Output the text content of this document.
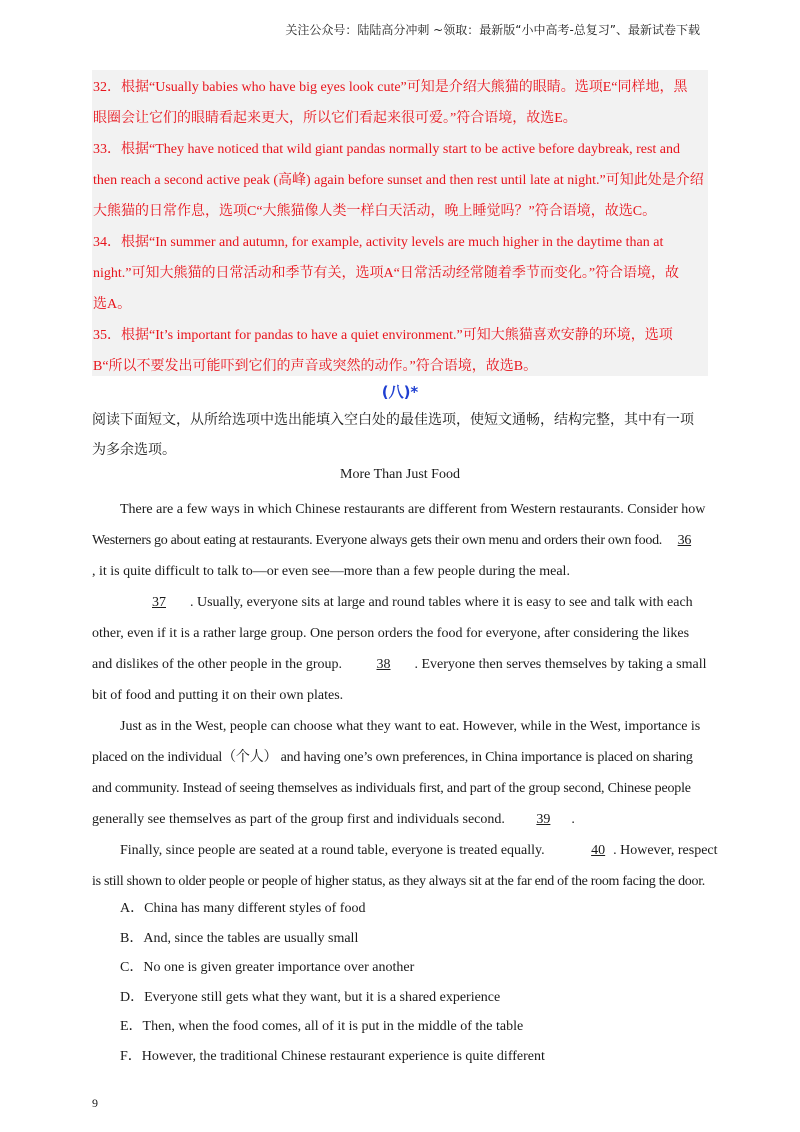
关注公众号：陆陆高分冲刺 ~领取：最新版“小中高考-总复习”、最新试卷下载

32．根据“Usually babies who have big eyes look cute”可知是介绍大熊猫的眼睛。选项E“同样地，黑

眼圈会让它们的眼睛看起来更大，所以它们看起来很可爱。”符合语境，故选E。

33．根据“They have noticed that wild giant pandas normally start to be active before daybreak, rest and

then reach a second active peak (高峰) again before sunset and then rest until late at night.”可知此处是介绍

大熊猫的日常作息，选项C“大熊猫像人类一样白天活动，晚上睡觉吗？”符合语境，故选C。

34．根据“In summer and autumn, for example, activity levels are much higher in the daytime than at

night.”可知大熊猫的日常活动和季节有关，选项A“日常活动经常随着季节而变化。”符合语境，故

选A。

35．根据“It’s important for pandas to have a quiet environment.”可知大熊猫喜欢安静的环境，选项

B“所以不要发出可能吓到它们的声音或突然的动作。”符合语境，故选B。

(八)*
阅读下面短文，从所给选项中选出能填入空白处的最佳选项，使短文通畅，结构完整，其中有一项
为多余选项。
More Than Just Food

There are a few ways in which Chinese restaurants are different from Western restaurants. Consider how

Westerners go about eating at restaurants. Everyone always gets their own menu and orders their own food. 36

, it is quite difficult to talk to—or even see—more than a few people during the meal.

37 . Usually, everyone sits at large and round tables where it is easy to see and talk with each

other, even if it is a rather large group. One person orders the food for everyone, after considering the likes

and dislikes of the other people in the group. 38 . Everyone then serves themselves by taking a small

bit of food and putting it on their own plates.

Just as in the West, people can choose what they want to eat. However, while in the West, importance is

placed on the individual（个人） and having one’s own preferences, in China importance is placed on sharing

and community. Instead of seeing themselves as individuals first, and part of the group second, Chinese people

generally see themselves as part of the group first and individuals second. 39 .

Finally, since people are seated at a round table, everyone is treated equally.	40 . However, respect

is still shown to older people or people of higher status, as they always sit at the far end of the room facing the door.

A．China has many different styles of food
B．And, since the tables are usually small
C．No one is given greater importance over another
D．Everyone still gets what they want, but it is a shared experience
E．Then, when the food comes, all of it is put in the middle of the table
F．However, the traditional Chinese restaurant experience is quite different
9
